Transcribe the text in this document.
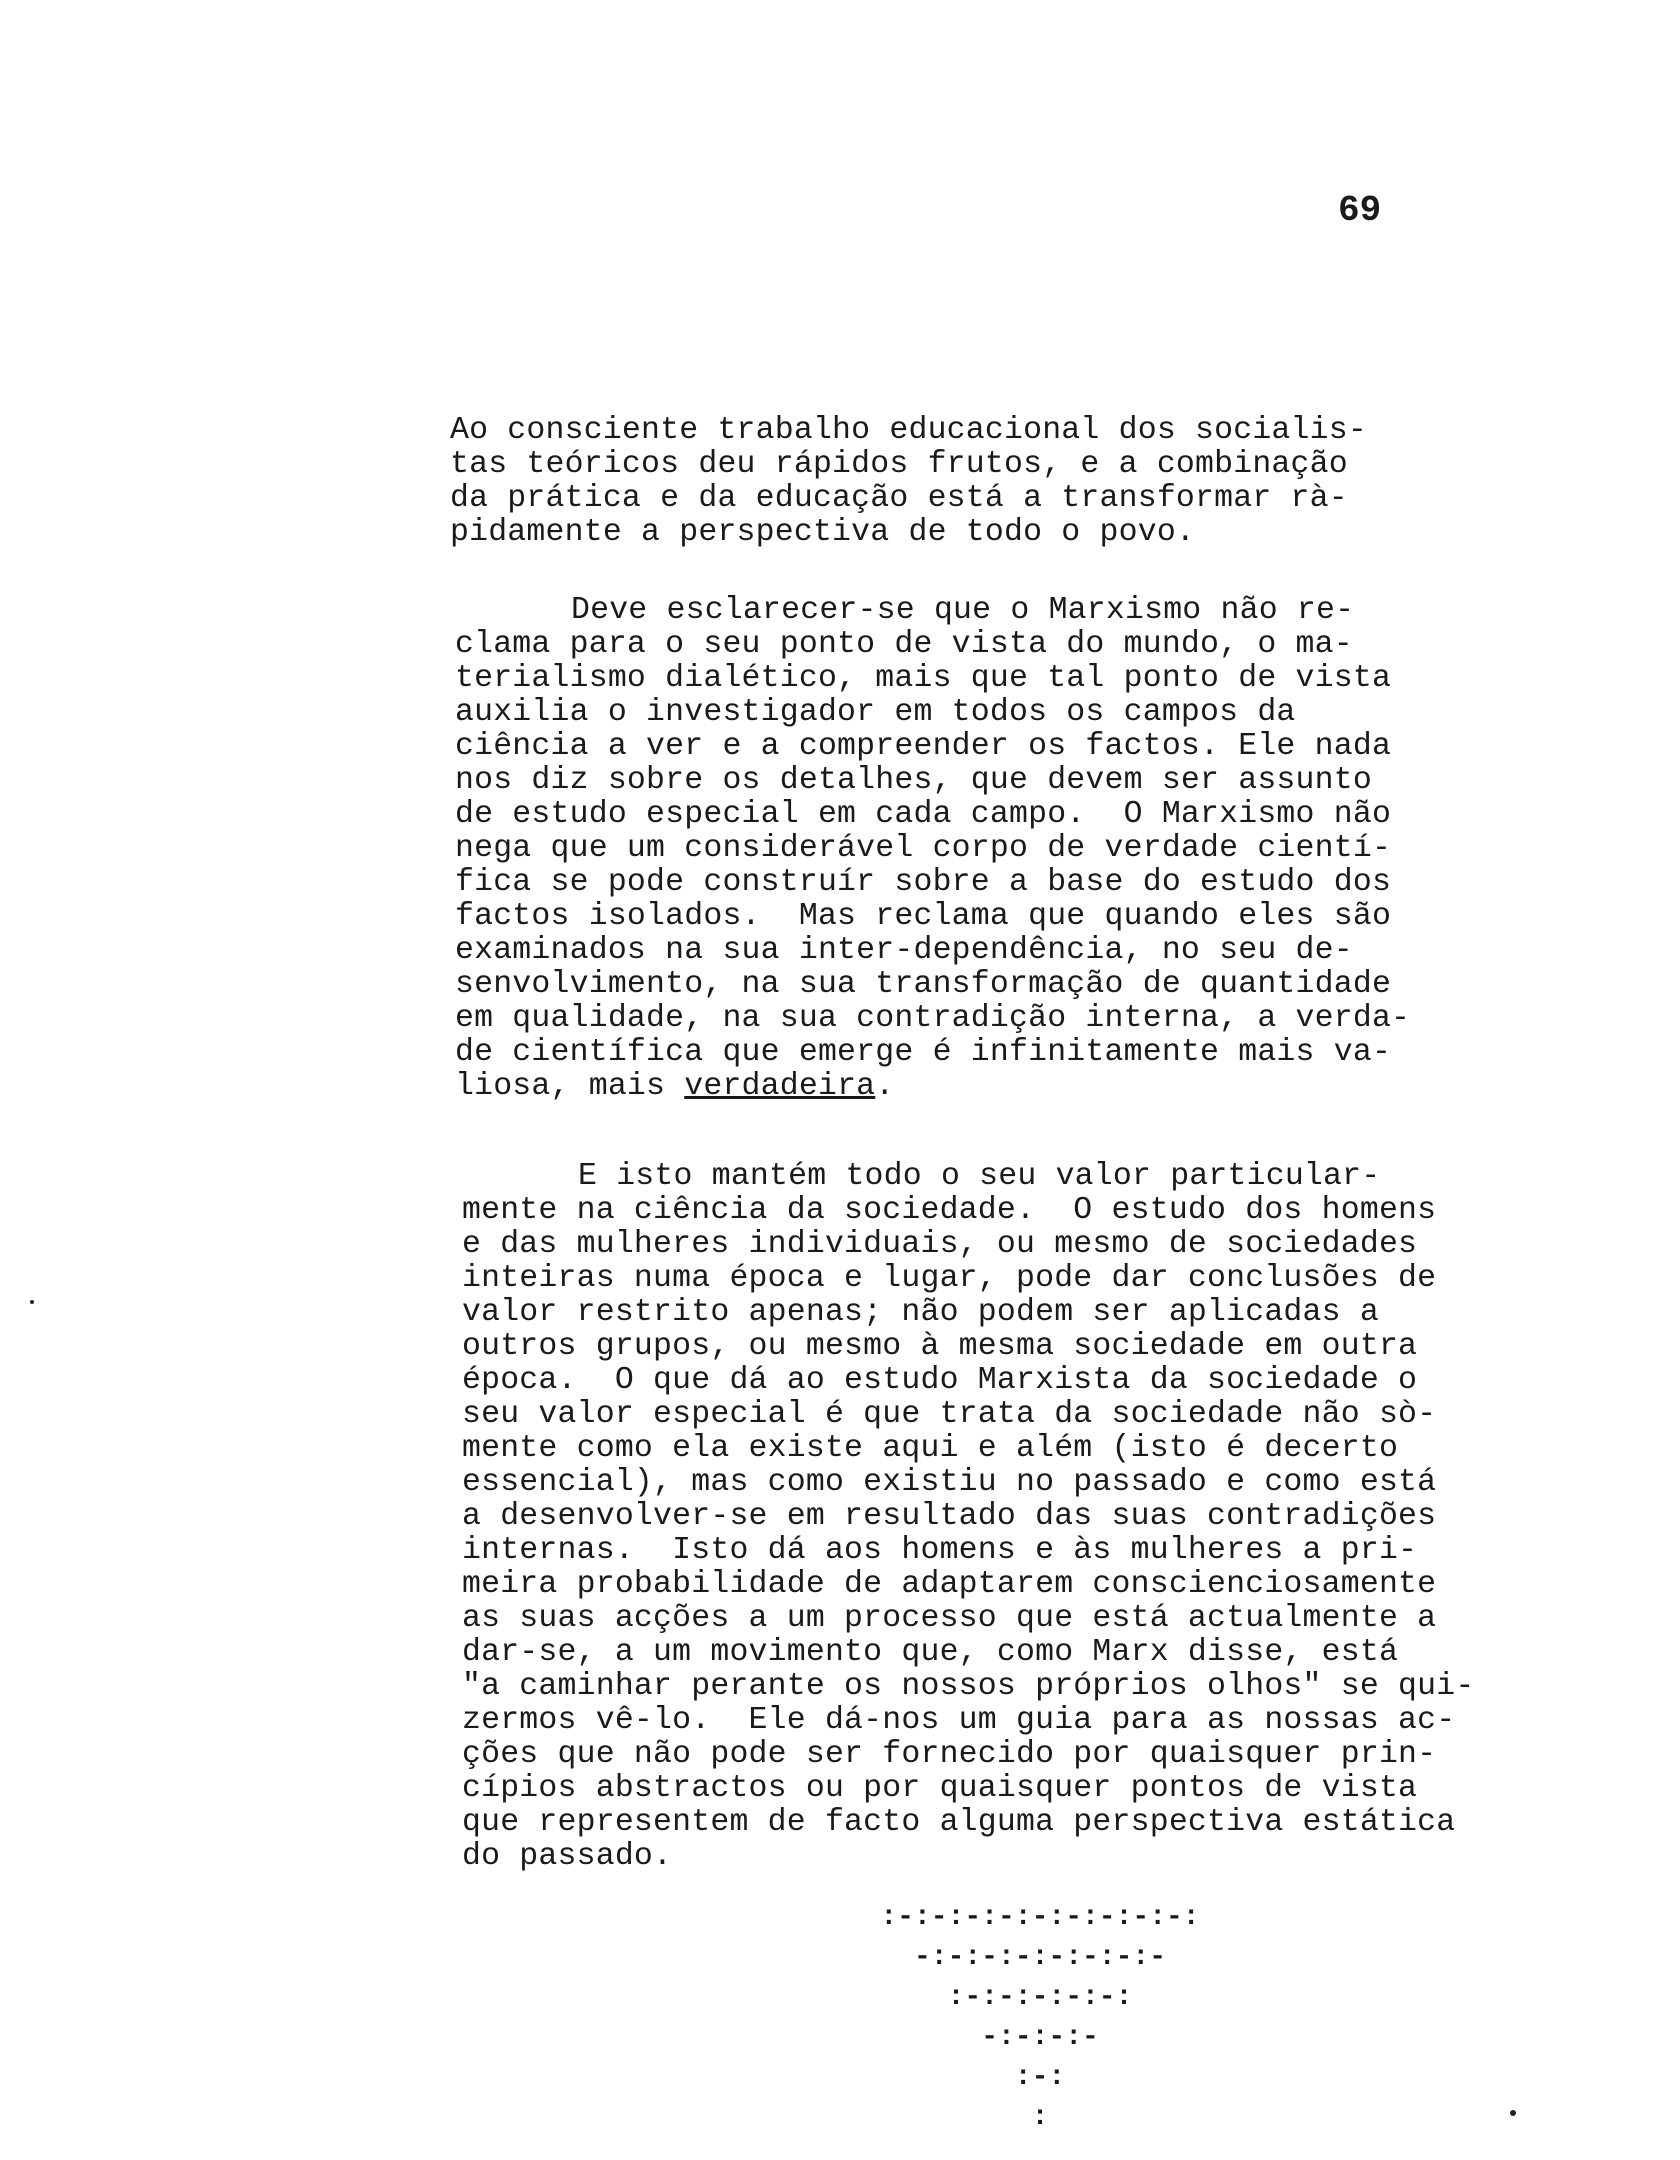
69
Ao consciente trabalho educacional dos socialis-
tas teóricos deu rápidos frutos, e a combinação
da prática e da educação está a transformar rà-
pidamente a perspectiva de todo o povo.
Deve esclarecer-se que o Marxismo não re-
clama para o seu ponto de vista do mundo, o ma-
terialismo dialético, mais que tal ponto de vista
auxilia o investigador em todos os campos da
ciência a ver e a compreender os factos. Ele nada
nos diz sobre os detalhes, que devem ser assunto
de estudo especial em cada campo.  O Marxismo não
nega que um considerável corpo de verdade cientí-
fica se pode construír sobre a base do estudo dos
factos isolados.  Mas reclama que quando eles são
examinados na sua inter-dependência, no seu de-
senvolvimento, na sua transformação de quantidade
em qualidade, na sua contradição interna, a verda-
de científica que emerge é infinitamente mais va-
liosa, mais verdadeira.
E isto mantém todo o seu valor particular-
mente na ciência da sociedade.  O estudo dos homens
e das mulheres individuais, ou mesmo de sociedades
inteiras numa época e lugar, pode dar conclusões de
valor restrito apenas; não podem ser aplicadas a
outros grupos, ou mesmo à mesma sociedade em outra
época.  O que dá ao estudo Marxista da sociedade o
seu valor especial é que trata da sociedade não sò-
mente como ela existe aqui e além (isto é decerto
essencial), mas como existiu no passado e como está
a desenvolver-se em resultado das suas contradições
internas.  Isto dá aos homens e às mulheres a pri-
meira probabilidade de adaptarem conscienciosamente
as suas acções a um processo que está actualmente a
dar-se, a um movimento que, como Marx disse, está
"a caminhar perante os nossos próprios olhos" se qui-
zermos vê-lo.  Ele dá-nos um guia para as nossas ac-
ções que não pode ser fornecido por quaisquer prin-
cípios abstractos ou por quaisquer pontos de vista
que representem de facto alguma perspectiva estática
do passado.
:-:-:-:-:-:-:-:-:-:
-:-:-:-:-:-:-:-
:-:-:-:-:-:
-:-:-:-
:-:
:
